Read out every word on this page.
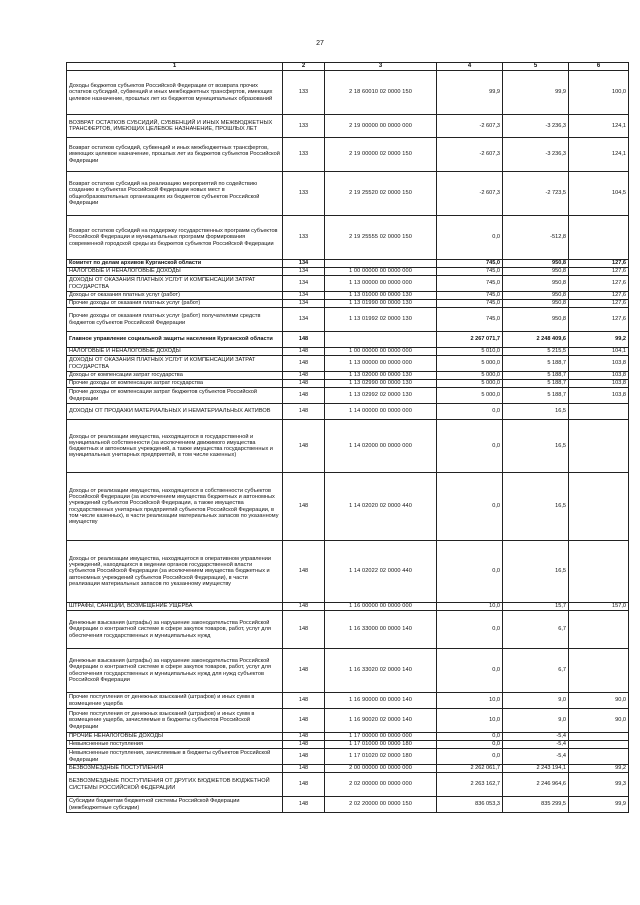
27
1	2	3	4	5	6
Доходы бюджетов субъектов Российской Федерации от возврата прочих остатков субсидий, субвенций и иных межбюджетных трансфертов, имеющих целевое назначение, прошлых лет из бюджетов муниципальных образований	133	2 18 60010 02 0000 150	99,9	99,9	100,0
ВОЗВРАТ ОСТАТКОВ СУБСИДИЙ, СУБВЕНЦИЙ И ИНЫХ МЕЖБЮДЖЕТНЫХ ТРАНСФЕРТОВ, ИМЕЮЩИХ ЦЕЛЕВОЕ НАЗНАЧЕНИЕ, ПРОШЛЫХ ЛЕТ	133	2 19 00000 00 0000 000	-2 607,3	-3 236,3	124,1
Возврат остатков субсидий, субвенций и иных межбюджетных трансфертов, имеющих целевое назначение, прошлых лет из бюджетов субъектов Российской Федерации	133	2 19 00000 02 0000 150	-2 607,3	-3 236,3	124,1
Возврат остатков субсидий на реализацию мероприятий по содействию созданию в субъектах Российской Федерации новых мест в общеобразовательных организациях из бюджетов субъектов Российской Федерации	133	2 19 25520 02 0000 150	-2 607,3	-2 723,5	104,5
Возврат остатков субсидий на поддержку государственных программ субъектов Российской Федерации и муниципальных программ формирования современной городской среды из бюджетов субъектов Российской Федерации	133	2 19 25555 02 0000 150	0,0	-512,8	
Комитет по делам архивов Курганской области	134		745,0	950,8	127,6
НАЛОГОВЫЕ И НЕНАЛОГОВЫЕ ДОХОДЫ	134	1 00 00000 00 0000 000	745,0	950,8	127,6
ДОХОДЫ ОТ ОКАЗАНИЯ ПЛАТНЫХ УСЛУГ И КОМПЕНСАЦИИ ЗАТРАТ ГОСУДАРСТВА	134	1 13 00000 00 0000 000	745,0	950,8	127,6
Доходы от оказания платных услуг (работ)	134	1 13 01000 00 0000 130	745,0	950,8	127,6
Прочие доходы от оказания платных услуг (работ)	134	1 13 01990 00 0000 130	745,0	950,8	127,6
Прочие доходы от оказания платных услуг (работ) получателями средств бюджетов субъектов Российской Федерации	134	1 13 01992 02 0000 130	745,0	950,8	127,6
Главное управление социальной защиты населения Курганской области	148		2 267 071,7	2 248 409,6	99,2
НАЛОГОВЫЕ И НЕНАЛОГОВЫЕ ДОХОДЫ	148	1 00 00000 00 0000 000	5 010,0	5 215,5	104,1
ДОХОДЫ ОТ ОКАЗАНИЯ ПЛАТНЫХ УСЛУГ И КОМПЕНСАЦИИ ЗАТРАТ ГОСУДАРСТВА	148	1 13 00000 00 0000 000	5 000,0	5 188,7	103,8
Доходы от компенсации затрат государства	148	1 13 02000 00 0000 130	5 000,0	5 188,7	103,8
Прочие доходы от компенсации затрат государства	148	1 13 02990 00 0000 130	5 000,0	5 188,7	103,8
Прочие доходы от компенсации затрат бюджетов субъектов Российской Федерации	148	1 13 02992 02 0000 130	5 000,0	5 188,7	103,8
ДОХОДЫ ОТ ПРОДАЖИ МАТЕРИАЛЬНЫХ И НЕМАТЕРИАЛЬНЫХ АКТИВОВ	148	1 14 00000 00 0000 000	0,0	16,5	
Доходы от реализации имущества, находящегося в государственной и муниципальной собственности (за исключением движимого имущества бюджетных и автономных учреждений, а также имущества государственных и муниципальных унитарных предприятий, в том числе казенных)	148	1 14 02000 00 0000 000	0,0	16,5	
Доходы от реализации имущества, находящегося в собственности субъектов Российской Федерации (за исключением имущества бюджетных и автономных учреждений субъектов Российской Федерации, а также имущества государственных унитарных предприятий субъектов Российской Федерации, в том числе казенных), в части реализации материальных запасов по указанному имуществу	148	1 14 02020 02 0000 440	0,0	16,5	
Доходы от реализации имущества, находящегося в оперативном управлении учреждений, находящихся в ведении органов государственной власти субъектов Российской Федерации (за исключением имущества бюджетных и автономных учреждений субъектов Российской Федерации), в части реализации материальных запасов по указанному имуществу	148	1 14 02022 02 0000 440	0,0	16,5	
ШТРАФЫ, САНКЦИИ, ВОЗМЕЩЕНИЕ УЩЕРБА	148	1 16 00000 00 0000 000	10,0	15,7	157,0
Денежные взыскания (штрафы) за нарушение законодательства Российской Федерации о контрактной системе в сфере закупок товаров, работ, услуг для обеспечения государственных и муниципальных нужд	148	1 16 33000 00 0000 140	0,0	6,7	
Денежные взыскания (штрафы) за нарушение законодательства Российской Федерации о контрактной системе в сфере закупок товаров, работ, услуг для обеспечения государственных и муниципальных нужд для нужд субъектов Российской Федерации	148	1 16 33020 02 0000 140	0,0	6,7	
Прочие поступления от денежных взысканий (штрафов) и иных сумм в возмещение ущерба	148	1 16 90000 00 0000 140	10,0	9,0	90,0
Прочие поступления от денежных взысканий (штрафов) и иных сумм в возмещение ущерба, зачисляемые в бюджеты субъектов Российской Федерации	148	1 16 90020 02 0000 140	10,0	9,0	90,0
ПРОЧИЕ НЕНАЛОГОВЫЕ ДОХОДЫ	148	1 17 00000 00 0000 000	0,0	-5,4	
Невыясненные поступления	148	1 17 01000 00 0000 180	0,0	-5,4	
Невыясненные поступления, зачисляемые в бюджеты субъектов Российской Федерации	148	1 17 01020 02 0000 180	0,0	-5,4	
БЕЗВОЗМЕЗДНЫЕ ПОСТУПЛЕНИЯ	148	2 00 00000 00 0000 000	2 262 061,7	2 243 194,1	99,2
БЕЗВОЗМЕЗДНЫЕ ПОСТУПЛЕНИЯ ОТ ДРУГИХ БЮДЖЕТОВ БЮДЖЕТНОЙ СИСТЕМЫ РОССИЙСКОЙ ФЕДЕРАЦИИ	148	2 02 00000 00 0000 000	2 263 162,7	2 246 964,6	99,3
Субсидии бюджетам бюджетной системы Российской Федерации (межбюджетные субсидии)	148	2 02 20000 00 0000 150	836 053,3	835 299,5	99,9
